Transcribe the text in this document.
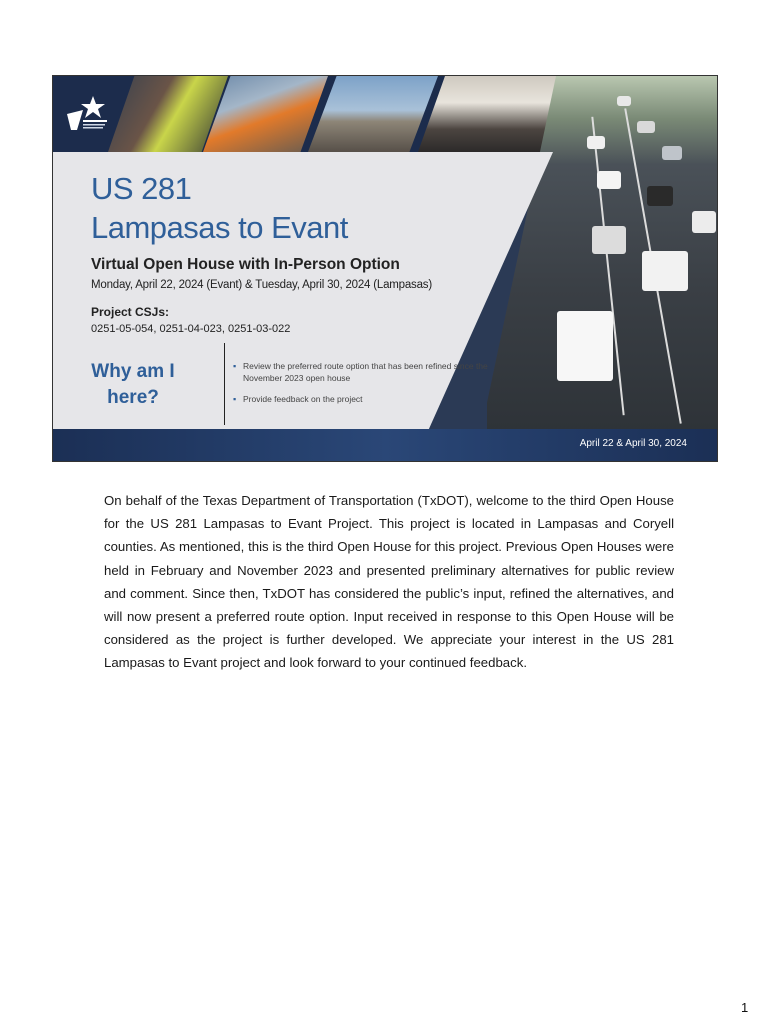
US 281
Lampasas to Evant
Virtual Open House with In-Person Option
Monday, April 22, 2024 (Evant) & Tuesday, April 30, 2024 (Lampasas)
Project CSJs:
0251-05-054, 0251-04-023, 0251-03-022
Why am I
here?
▪ Review the preferred route option that has been refined since the November 2023 open house
▪ Provide feedback on the project
April 22 & April 30, 2024

On behalf of the Texas Department of Transportation (TxDOT), welcome to the third Open House for the US 281 Lampasas to Evant Project. This project is located in Lampasas and Coryell counties. As mentioned, this is the third Open House for this project. Previous Open Houses were held in February and November 2023 and presented preliminary alternatives for public review and comment. Since then, TxDOT has considered the public’s input, refined the alternatives, and will now present a preferred route option. Input received in response to this Open House will be considered as the project is further developed. We appreciate your interest in the US 281 Lampasas to Evant project and look forward to your continued feedback.

1
